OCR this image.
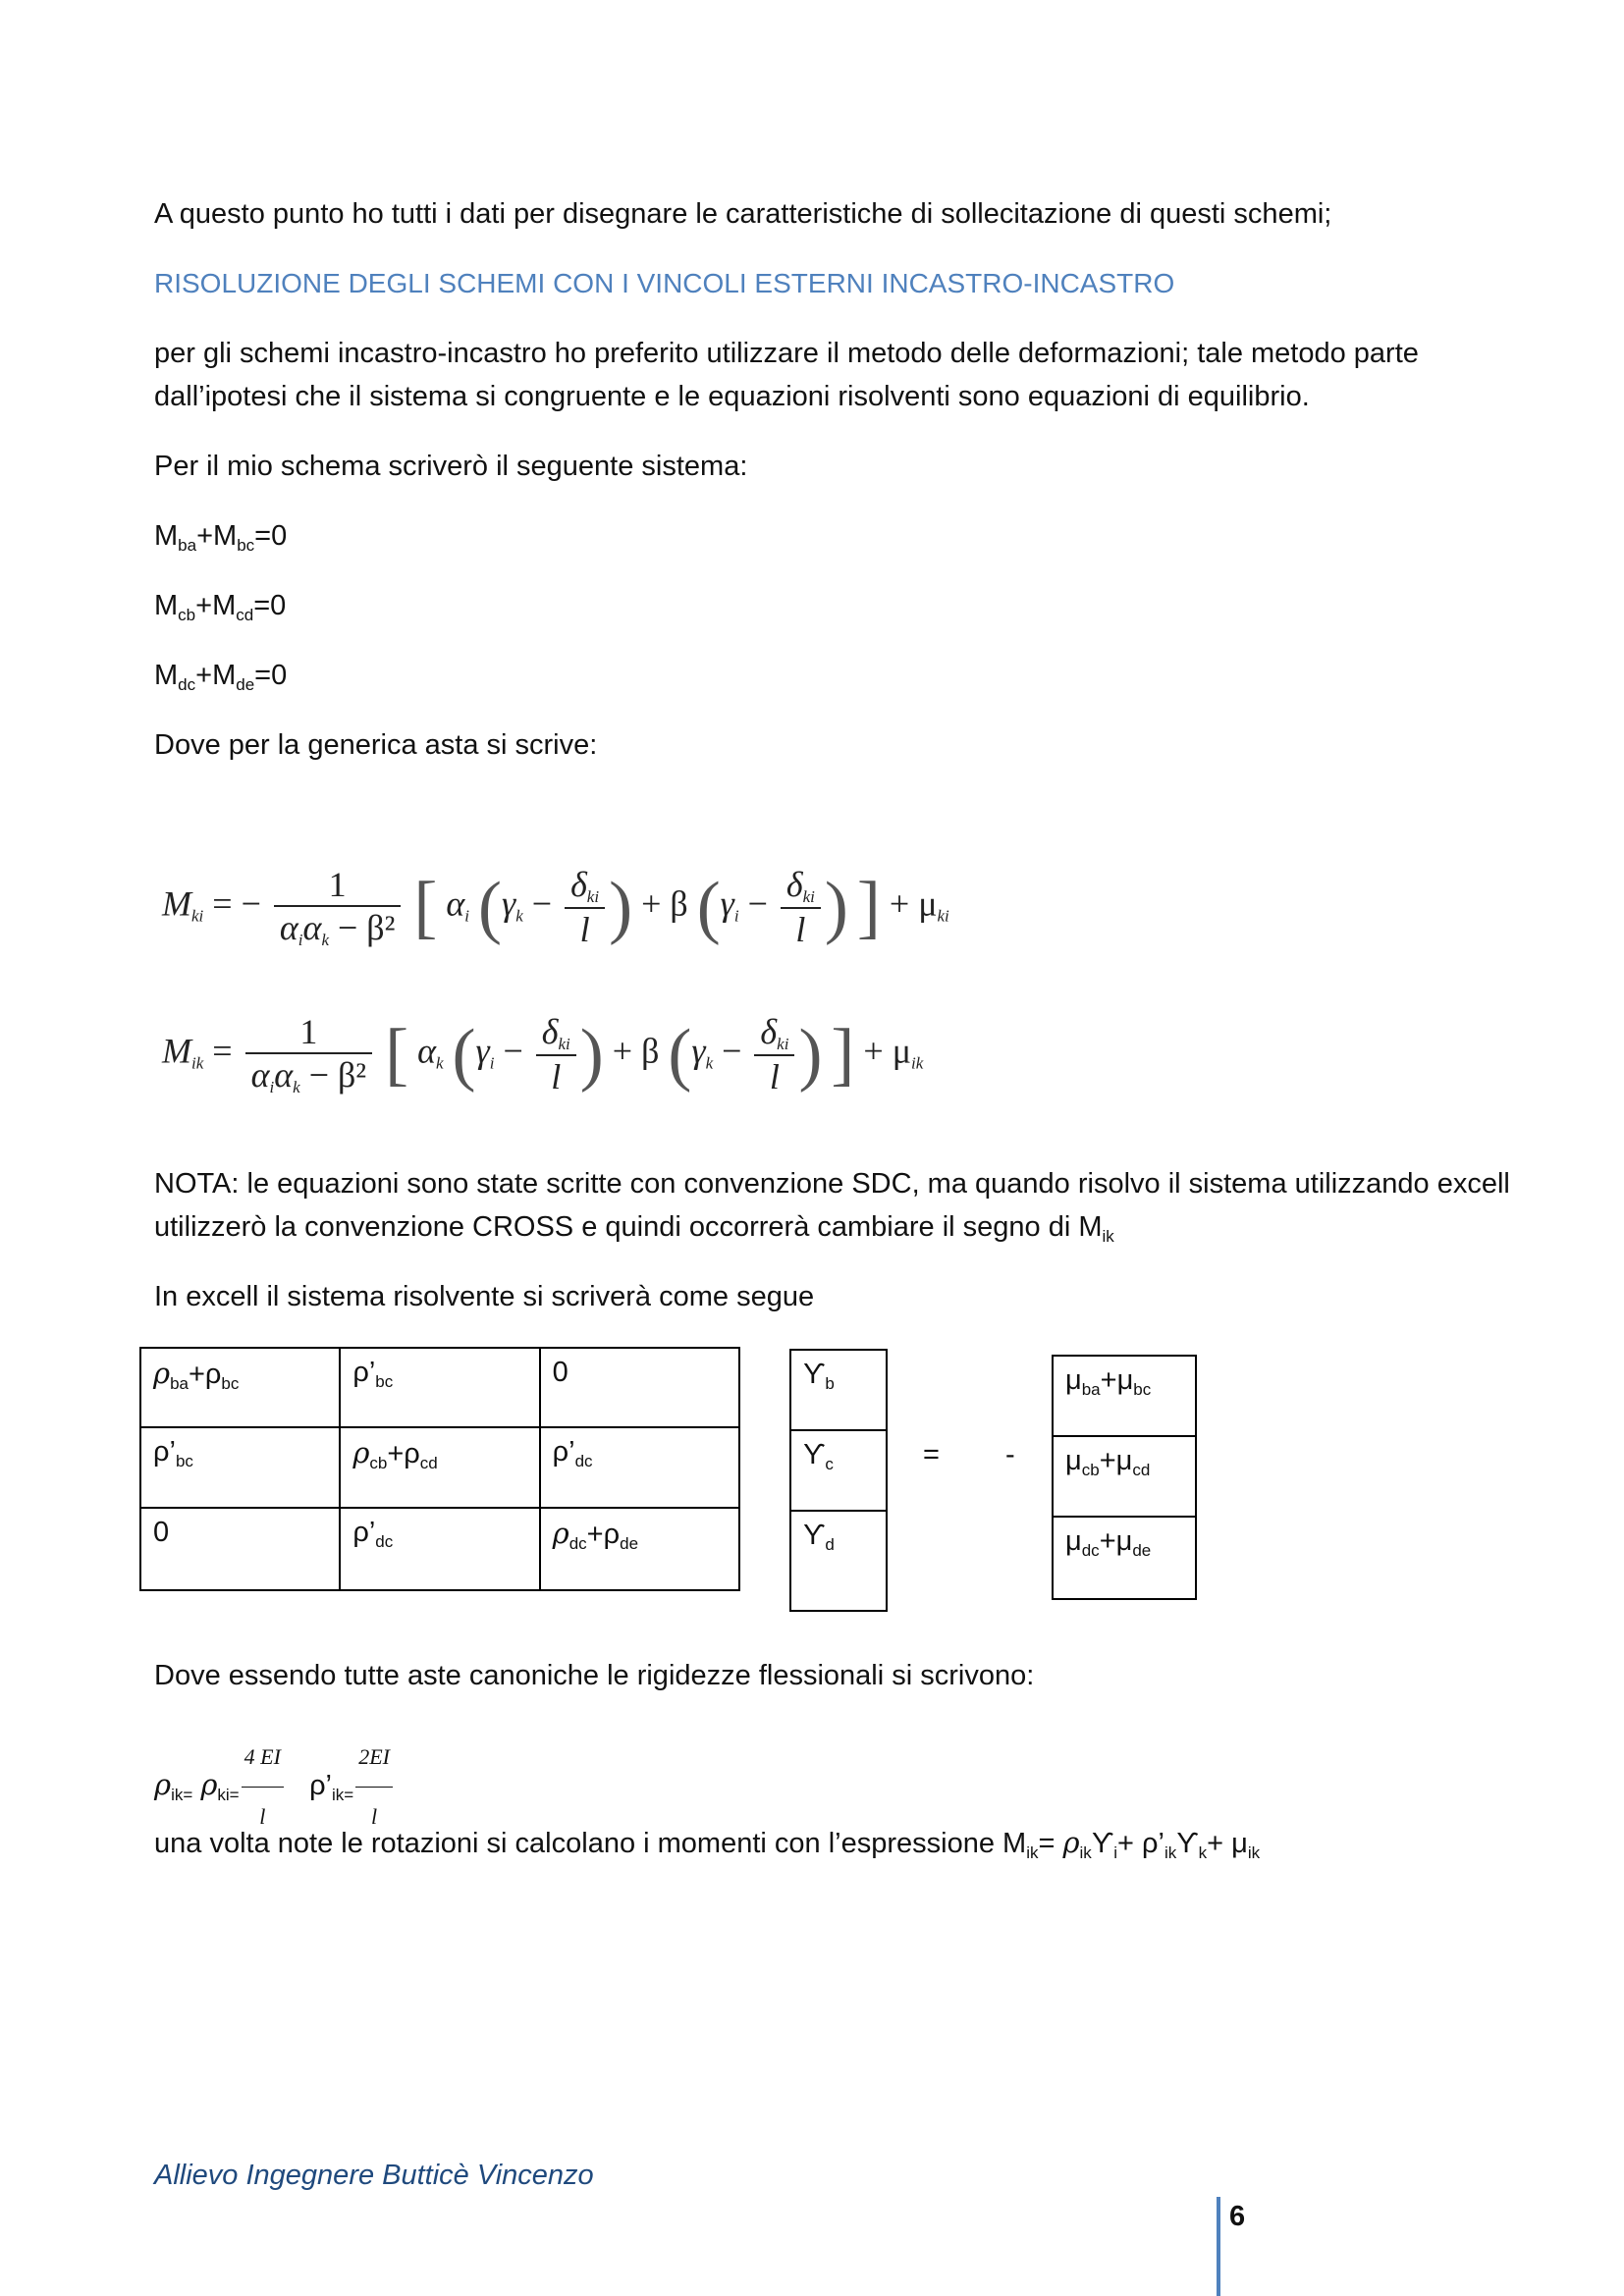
A questo punto ho tutti i dati per disegnare le caratteristiche di sollecitazione di questi schemi;
RISOLUZIONE DEGLI SCHEMI CON I VINCOLI ESTERNI INCASTRO-INCASTRO
per gli schemi incastro-incastro ho preferito utilizzare il metodo delle deformazioni; tale metodo parte
dall’ipotesi che il sistema si congruente e le equazioni risolventi sono equazioni di equilibrio.
Per il mio schema scriverò il seguente sistema:
$M_{ba}+M_{bc}=0$
$M_{cb}+M_{cd}=0$
$M_{dc}+M_{de}=0$
Dove per la generica asta si scrive:
$M_{ki}$ = − $\frac{1}{\alpha_i\alpha_k - \beta^2}$ [ $\alpha_i$ ($\gamma_k - \frac{\delta_{ki}}{l}$ ) + β ($\gamma_i - \frac{\delta_{ki}}{l}$ ) ] + $\mu_{ki}$
$M_{ik} = \frac{1}{\alpha_i\alpha_k - \beta^2}$ [ $\alpha_k$ ($\gamma_i - \frac{\delta_{ki}}{l}$ ) + β ($\gamma_k - \frac{\delta_{ki}}{l}$ ) ] + $\mu_{ik}$
NOTA: le equazioni sono state scritte con convenzione SDC, ma quando risolvo il sistema utilizzando excell
utilizzerò la convenzione CROSS e quindi occorrerà cambiare il segno di $M_{ik}$
In excell il sistema risolvente si scriverà come segue
$\rho_{ba}+\rho_{bc}$	$\rho’_{bc}$	0
$\rho’_{bc}$	$\rho_{cb}+\rho_{cd}$	$\rho’_{dc}$
0	$\rho’_{dc}$	$\rho_{dc}+\rho_{de}$
$ϒ_b$
$ϒ_c$
$ϒ_d$
= -
$\mu_{ba}+\mu_{bc}$
$\mu_{cb}+\mu_{cd}$
$\mu_{dc}+\mu_{de}$
Dove essendo tutte aste canoniche le rigidezze flessionali si scrivono:
$\rho_{ik=}$ $\rho_{ki=} \frac{4 EI}{l}$ $\rho’_{ik=} \frac{2EI}{l}$
una volta note le rotazioni si calcolano i momenti con l’espressione $M_{ik}= \rho_{ik}ϒ_i+$ $\rho’_{ik}ϒ_k+ \mu_{ik}$
Allievo Ingegnere Butticè Vincenzo
6
